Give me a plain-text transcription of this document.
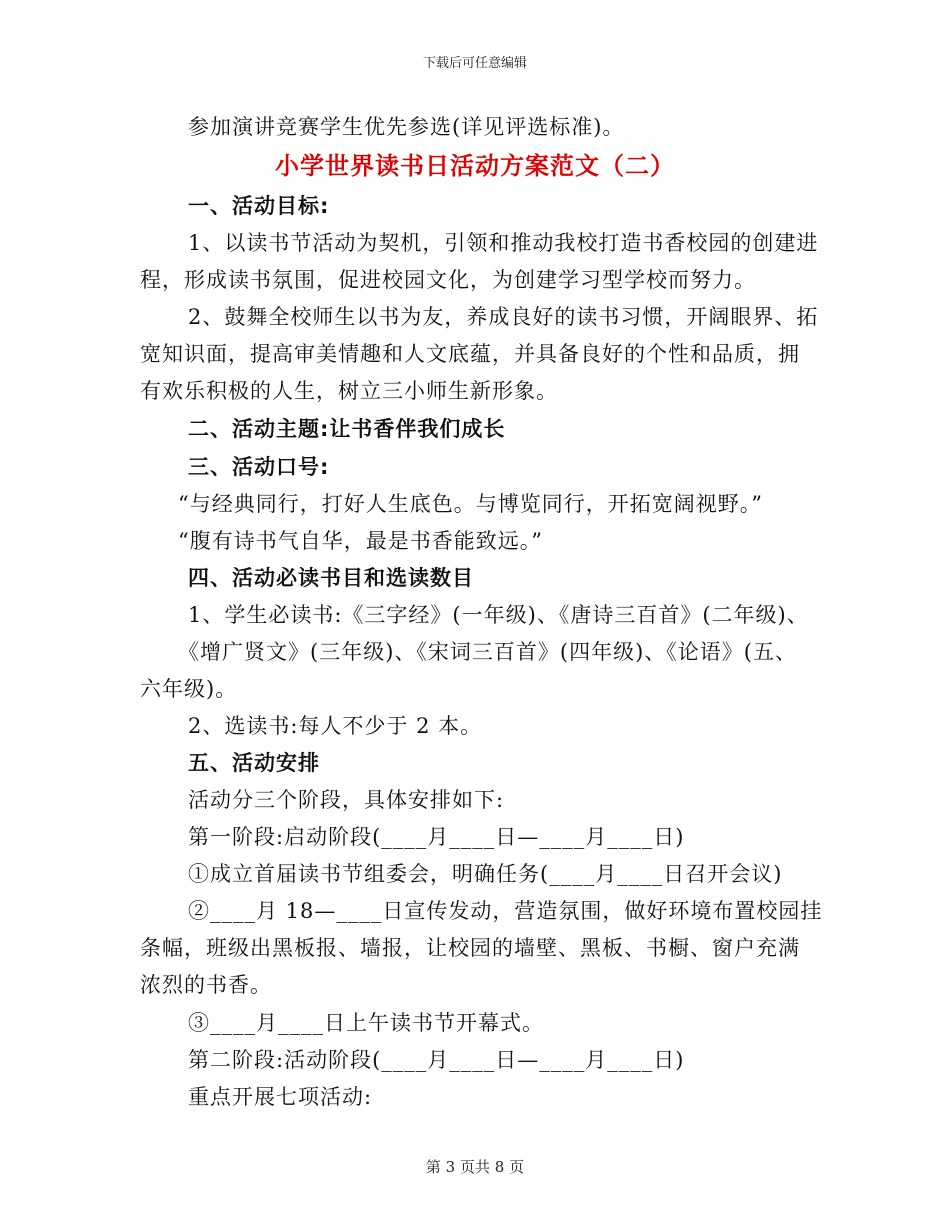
下载后可任意编辑
参加演讲竞赛学生优先参选(详见评选标准)。
小学世界读书日活动方案范文（二）
一、活动目标:
1、以读书节活动为契机，引领和推动我校打造书香校园的创建进
程，形成读书氛围，促进校园文化，为创建学习型学校而努力。
2、鼓舞全校师生以书为友，养成良好的读书习惯，开阔眼界、拓
宽知识面，提高审美情趣和人文底蕴，并具备良好的个性和品质，拥
有欢乐积极的人生，树立三小师生新形象。
二、活动主题:让书香伴我们成长
三、活动口号:
“与经典同行，打好人生底色。与博览同行，开拓宽阔视野。”
“腹有诗书气自华，最是书香能致远。”
四、活动必读书目和选读数目
1、学生必读书:《三字经》(一年级)、《唐诗三百首》(二年级)、
《增广贤文》(三年级)、《宋词三百首》(四年级)、《论语》(五、
六年级)。
2、选读书:每人不少于 2 本。
五、活动安排
活动分三个阶段，具体安排如下:
第一阶段:启动阶段(____月____日—____月____日)
①成立首届读书节组委会，明确任务(____月____日召开会议)
②____月 18—____日宣传发动，营造氛围，做好环境布置校园挂
条幅，班级出黑板报、墙报，让校园的墙壁、黑板、书橱、窗户充满
浓烈的书香。
③____月____日上午读书节开幕式。
第二阶段:活动阶段(____月____日—____月____日)
重点开展七项活动:
第 3 页共 8 页
